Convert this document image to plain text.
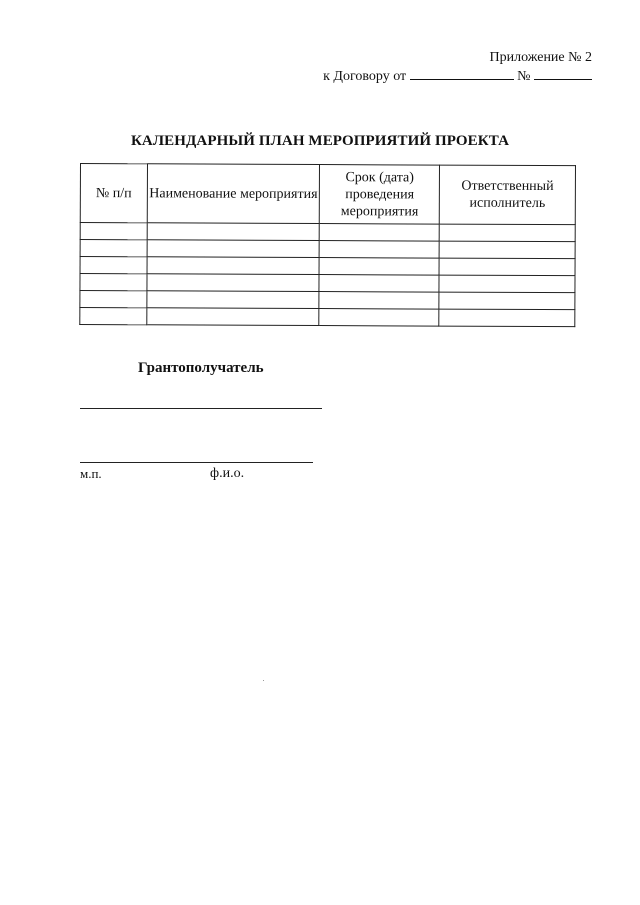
Приложение № 2
к Договору от	№
КАЛЕНДАРНЫЙ ПЛАН МЕРОПРИЯТИЙ ПРОЕКТА
№ п/п	Наименование мероприятия	Срок (дата) проведения мероприятия	Ответственный исполнитель

Грантополучатель
м.п.	ф.и.о.
